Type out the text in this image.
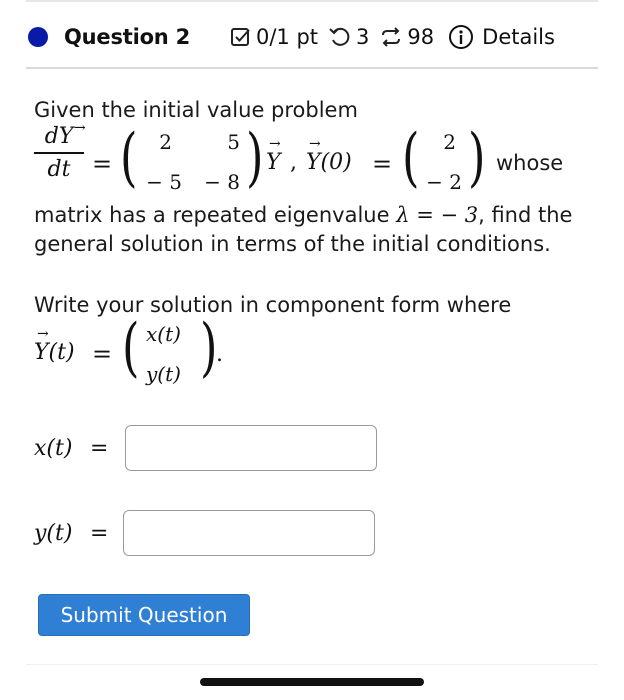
Question 2	0/1 pt 3 98 Details
Given the initial value problem
dY
dt
→
= (	2	5
− 5 − 8 ) Y
→
, Y(0)
→
= (	2
− 2 ) whose
matrix has a repeated eigenvalue λ = − 3, find the
general solution in terms of the initial conditions.
Write your solution in component form where
Y(t)
→
= ( x(t)
y(t) )
.
x(t) =
y(t) =
Submit Question
